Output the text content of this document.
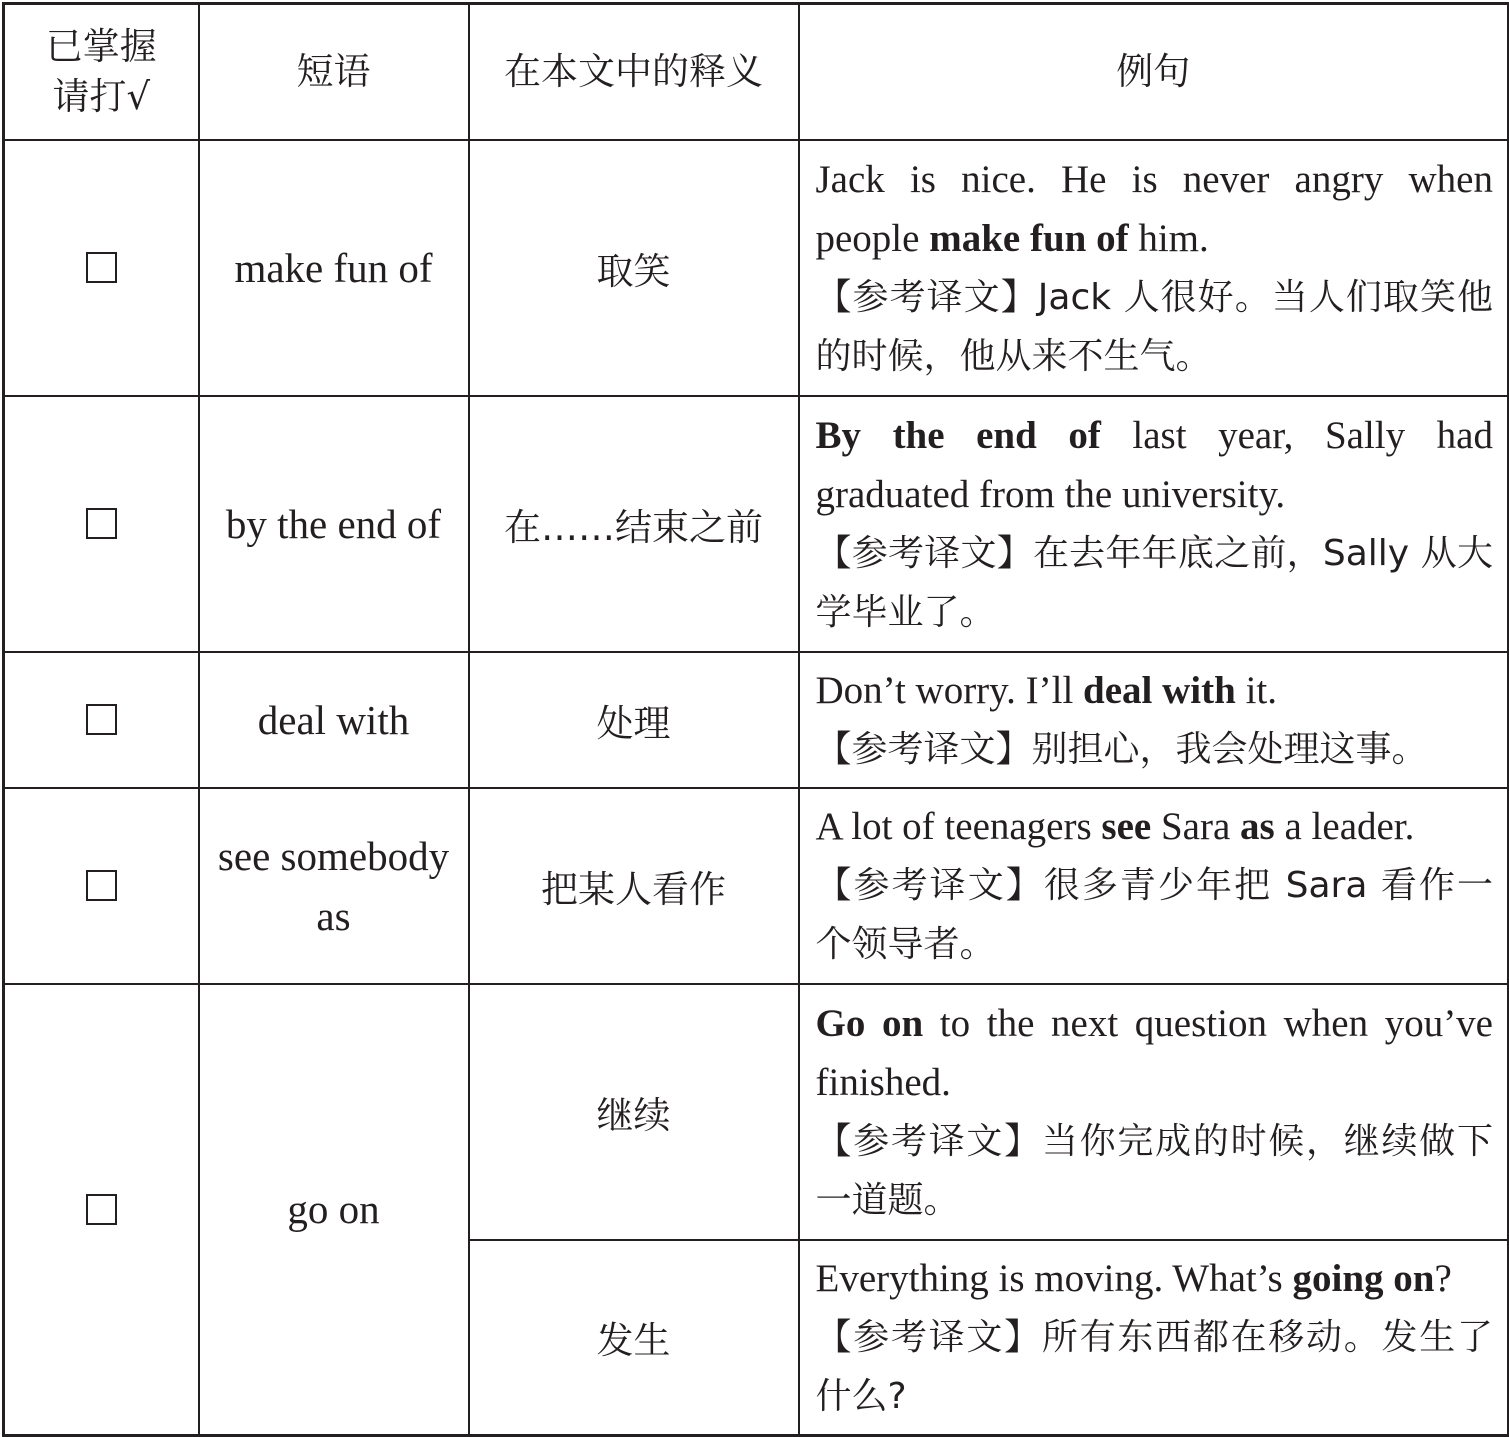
已掌握
请打√	短语	在本文中的释义	例句
	make fun of	取笑	Jack is nice. He is never angry when people make fun of him.
【参考译文】Jack 人很好。当人们取笑他的时候，他从来不生气。

	by the end of	在……结束之前	By the end of last year, Sally had graduated from the university.
【参考译文】在去年年底之前，Sally 从大学毕业了。

	deal with	处理	Don’t worry. I’ll deal with it.
【参考译文】别担心，我会处理这事。

	see somebody as	把某人看作	A lot of teenagers see Sara as a leader.
【参考译文】很多青少年把 Sara 看作一个领导者。

	go on	继续	Go on to the next question when you’ve finished.
【参考译文】当你完成的时候，继续做下一道题。

		发生	Everything is moving. What’s going on?
【参考译文】所有东西都在移动。发生了什么?
